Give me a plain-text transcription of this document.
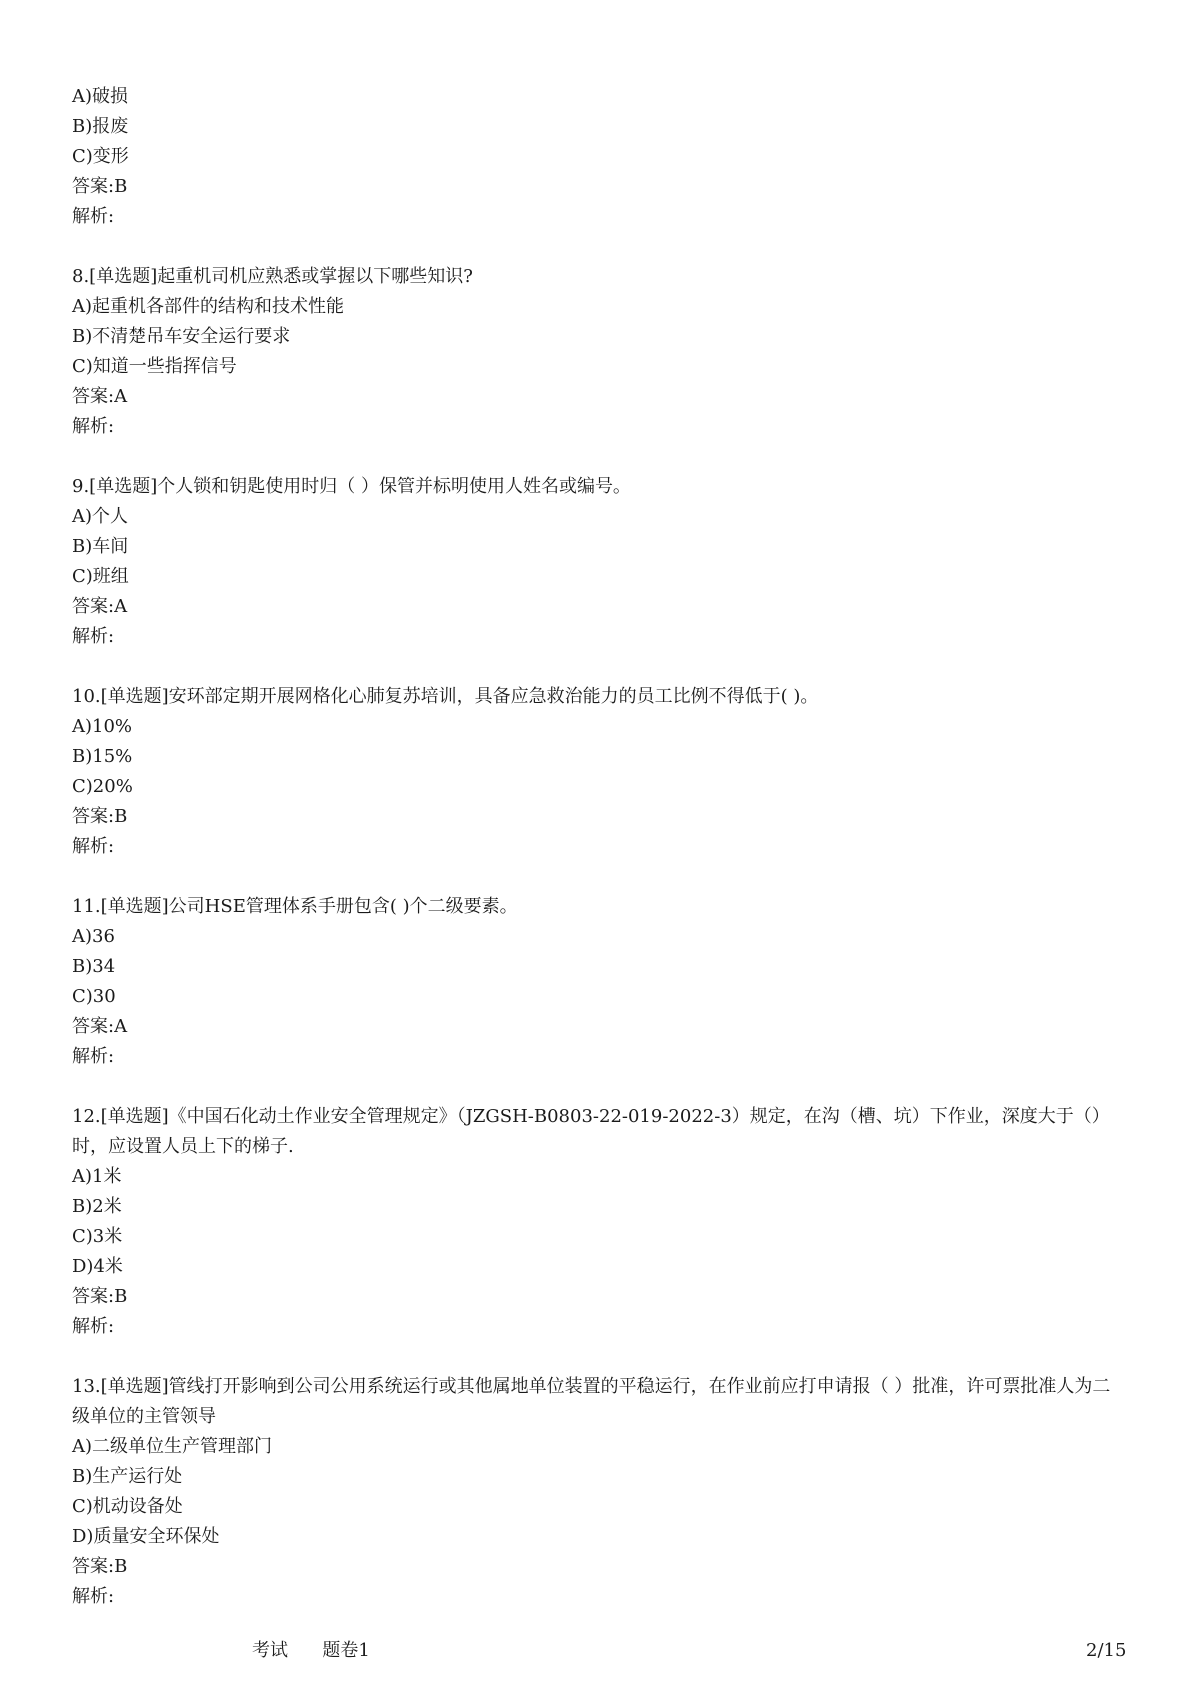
A)破损
B)报废
C)变形
答案:B
解析:
8.[单选题]起重机司机应熟悉或掌握以下哪些知识?
A)起重机各部件的结构和技术性能
B)不清楚吊车安全运行要求
C)知道一些指挥信号
答案:A
解析:
9.[单选题]个人锁和钥匙使用时归（ ）保管并标明使用人姓名或编号。
A)个人
B)车间
C)班组
答案:A
解析:
10.[单选题]安环部定期开展网格化心肺复苏培训，具备应急救治能力的员工比例不得低于( )。
A)10%
B)15%
C)20%
答案:B
解析:
11.[单选题]公司HSE管理体系手册包含( )个二级要素。
A)36
B)34
C)30
答案:A
解析:
12.[单选题]《中国石化动土作业安全管理规定》（JZGSH-B0803-22-019-2022-3）规定，在沟（槽、坑）下作业，深度大于（）时，应设置人员上下的梯子.
A)1米
B)2米
C)3米
D)4米
答案:B
解析:
13.[单选题]管线打开影响到公司公用系统运行或其他属地单位装置的平稳运行，在作业前应打申请报（ ）批准，许可票批准人为二级单位的主管领导
A)二级单位生产管理部门
B)生产运行处
C)机动设备处
D)质量安全环保处
答案:B
解析:
考试      题卷1	2/15
